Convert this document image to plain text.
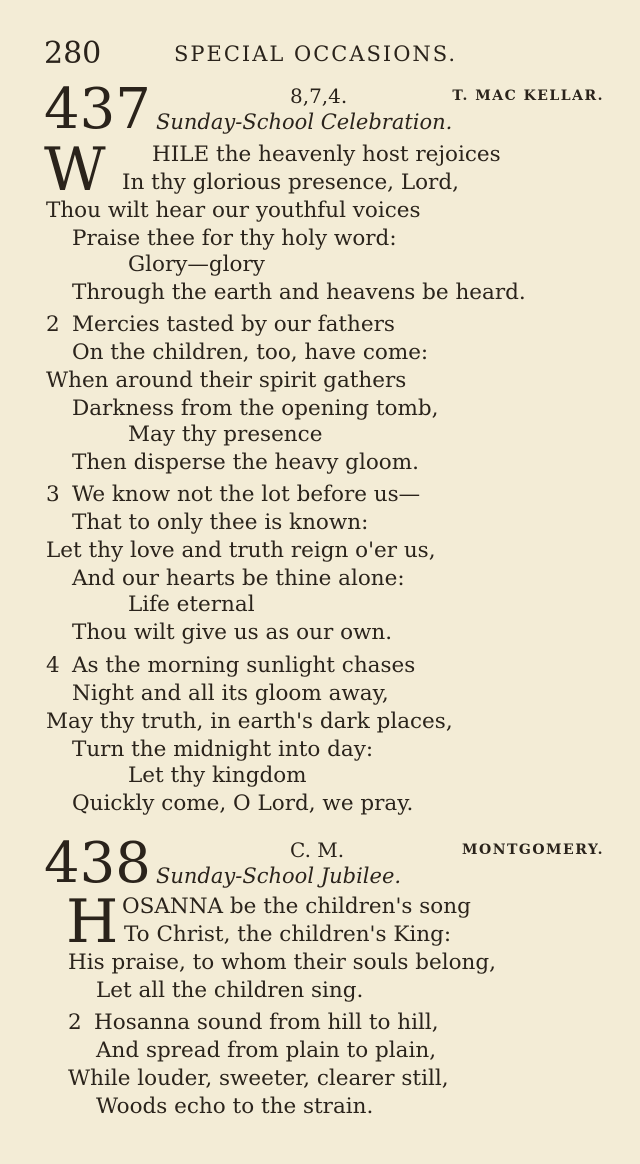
280	SPECIAL OCCASIONS.
437	8,7,4.	T. MAC KELLAR.
Sunday-School Celebration.
W HILE the heavenly host rejoices
In thy glorious presence, Lord,
Thou wilt hear our youthful voices
Praise thee for thy holy word:
Glory—glory
Through the earth and heavens be heard.
2 Mercies tasted by our fathers
On the children, too, have come:
When around their spirit gathers
Darkness from the opening tomb,
May thy presence
Then disperse the heavy gloom.
3 We know not the lot before us—
That to only thee is known:
Let thy love and truth reign o'er us,
And our hearts be thine alone:
Life eternal
Thou wilt give us as our own.
4 As the morning sunlight chases
Night and all its gloom away,
May thy truth, in earth's dark places,
Turn the midnight into day:
Let thy kingdom
Quickly come, O Lord, we pray.
438	C. M.	MONTGOMERY.
Sunday-School Jubilee.
H OSANNA be the children's song
To Christ, the children's King:
His praise, to whom their souls belong,
Let all the children sing.
2 Hosanna sound from hill to hill,
And spread from plain to plain,
While louder, sweeter, clearer still,
Woods echo to the strain.
